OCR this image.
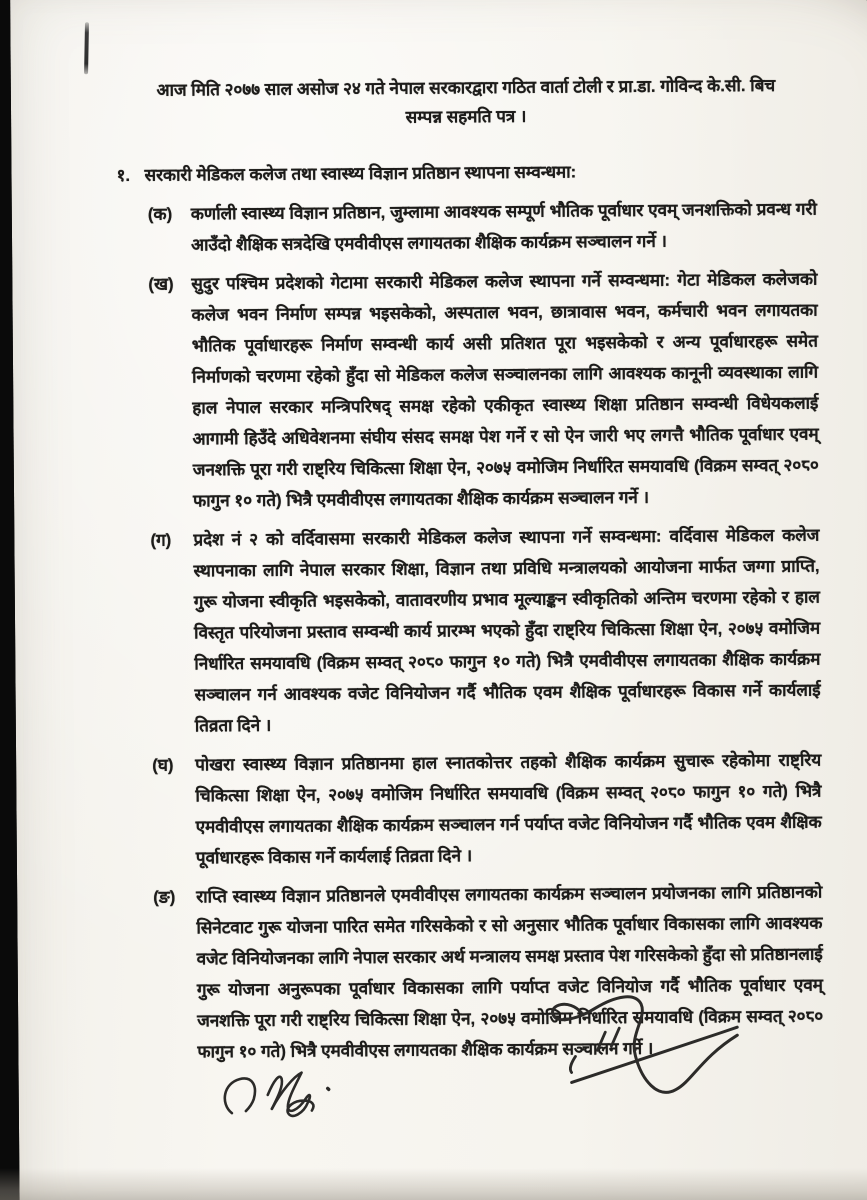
आज मिति २०७७ साल असोज २४ गते नेपाल सरकारद्वारा गठित वार्ता टोली र प्रा.डा. गोविन्द के.सी. बिच
सम्पन्न सहमति पत्र ।
१. सरकारी मेडिकल कलेज तथा स्वास्थ्य विज्ञान प्रतिष्ठान स्थापना सम्वन्धमा:
(क)	कर्णाली स्वास्थ्य विज्ञान प्रतिष्ठान, जुम्लामा आवश्यक सम्पूर्ण भौतिक पूर्वाधार एवम् जनशक्तिको प्रवन्ध गरी आउँदो शैक्षिक सत्रदेखि एमवीवीएस लगायतका शैक्षिक कार्यक्रम सञ्चालन गर्ने ।
(ख)	सुदुर पश्चिम प्रदेशको गेटामा सरकारी मेडिकल कलेज स्थापना गर्ने सम्वन्धमा: गेटा मेडिकल कलेजको कलेज भवन निर्माण सम्पन्न भइसकेको, अस्पताल भवन, छात्रावास भवन, कर्मचारी भवन लगायतका भौतिक पूर्वाधारहरू निर्माण सम्वन्धी कार्य असी प्रतिशत पूरा भइसकेको र अन्य पूर्वाधारहरू समेत निर्माणको चरणमा रहेको हुँदा सो मेडिकल कलेज सञ्चालनका लागि आवश्यक कानूनी व्यवस्थाका लागि हाल नेपाल सरकार मन्त्रिपरिषद् समक्ष रहेको एकीकृत स्वास्थ्य शिक्षा प्रतिष्ठान सम्वन्धी विधेयकलाई आगामी हिउँदे अधिवेशनमा संघीय संसद समक्ष पेश गर्ने र सो ऐन जारी भए लगत्तै भौतिक पूर्वाधार एवम् जनशक्ति पूरा गरी राष्ट्रिय चिकित्सा शिक्षा ऐन, २०७५ वमोजिम निर्धारित समयावधि (विक्रम सम्वत् २०८० फागुन १० गते) भित्रै एमवीवीएस लगायतका शैक्षिक कार्यक्रम सञ्चालन गर्ने ।
(ग)	प्रदेश नं २ को वर्दिवासमा सरकारी मेडिकल कलेज स्थापना गर्ने सम्वन्धमा: वर्दिवास मेडिकल कलेज स्थापनाका लागि नेपाल सरकार शिक्षा, विज्ञान तथा प्रविधि मन्त्रालयको आयोजना मार्फत जग्गा प्राप्ति, गुरू योजना स्वीकृति भइसकेको, वातावरणीय प्रभाव मूल्याङ्कन स्वीकृतिको अन्तिम चरणमा रहेको र हाल विस्तृत परियोजना प्रस्ताव सम्वन्धी कार्य प्रारम्भ भएको हुँदा राष्ट्रिय चिकित्सा शिक्षा ऐन, २०७५ वमोजिम निर्धारित समयावधि (विक्रम सम्वत् २०८० फागुन १० गते) भित्रै एमवीवीएस लगायतका शैक्षिक कार्यक्रम सञ्चालन गर्न आवश्यक वजेट विनियोजन गर्दै भौतिक एवम शैक्षिक पूर्वाधारहरू विकास गर्ने कार्यलाई तिव्रता दिने ।
(घ)	पोखरा स्वास्थ्य विज्ञान प्रतिष्ठानमा हाल स्नातकोत्तर तहको शैक्षिक कार्यक्रम सुचारू रहेकोमा राष्ट्रिय चिकित्सा शिक्षा ऐन, २०७५ वमोजिम निर्धारित समयावधि (विक्रम सम्वत् २०८० फागुन १० गते) भित्रै एमवीवीएस लगायतका शैक्षिक कार्यक्रम सञ्चालन गर्न पर्याप्त वजेट विनियोजन गर्दै भौतिक एवम शैक्षिक पूर्वाधारहरू विकास गर्ने कार्यलाई तिव्रता दिने ।
(ङ)	राप्ति स्वास्थ्य विज्ञान प्रतिष्ठानले एमवीवीएस लगायतका कार्यक्रम सञ्चालन प्रयोजनका लागि प्रतिष्ठानको सिनेटवाट गुरू योजना पारित समेत गरिसकेको र सो अनुसार भौतिक पूर्वाधार विकासका लागि आवश्यक वजेट विनियोजनका लागि नेपाल सरकार अर्थ मन्त्रालय समक्ष प्रस्ताव पेश गरिसकेको हुँदा सो प्रतिष्ठानलाई गुरू योजना अनुरूपका पूर्वाधार विकासका लागि पर्याप्त वजेट विनियोज गर्दै भौतिक पूर्वाधार एवम् जनशक्ति पूरा गरी राष्ट्रिय चिकित्सा शिक्षा ऐन, २०७५ वमोजिम निर्धारित समयावधि (विक्रम सम्वत् २०८० फागुन १० गते) भित्रै एमवीवीएस लगायतका शैक्षिक कार्यक्रम सञ्चालन गर्ने ।
